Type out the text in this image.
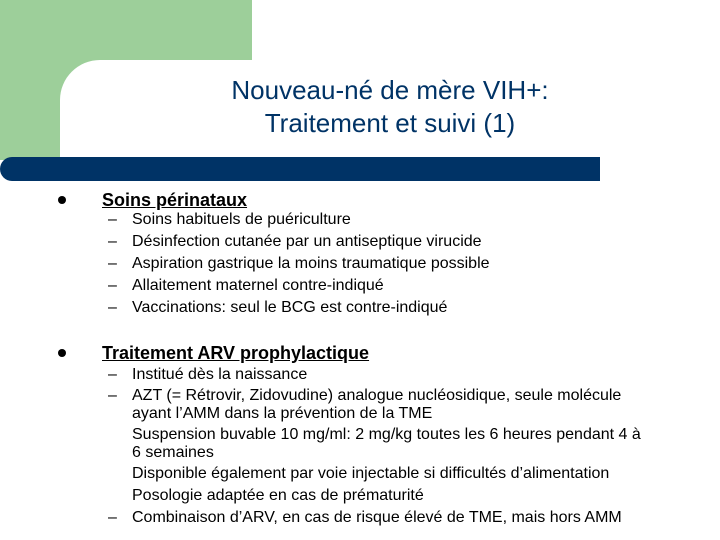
Nouveau-né de mère VIH+:
Traitement et suivi (1)
Soins périnataux
– Soins habituels de puériculture
– Désinfection cutanée par un antiseptique virucide
– Aspiration gastrique la moins traumatique possible
– Allaitement maternel contre-indiqué
– Vaccinations: seul le BCG est contre-indiqué
Traitement ARV prophylactique
– Institué dès la naissance
– AZT (= Rétrovir, Zidovudine) analogue nucléosidique, seule molécule
ayant l’AMM dans la prévention de la TME
Suspension buvable 10 mg/ml: 2 mg/kg toutes les 6 heures pendant 4 à
6 semaines
Disponible également par voie injectable si difficultés d’alimentation
Posologie adaptée en cas de prématurité
– Combinaison d’ARV, en cas de risque élevé de TME, mais hors AMM
